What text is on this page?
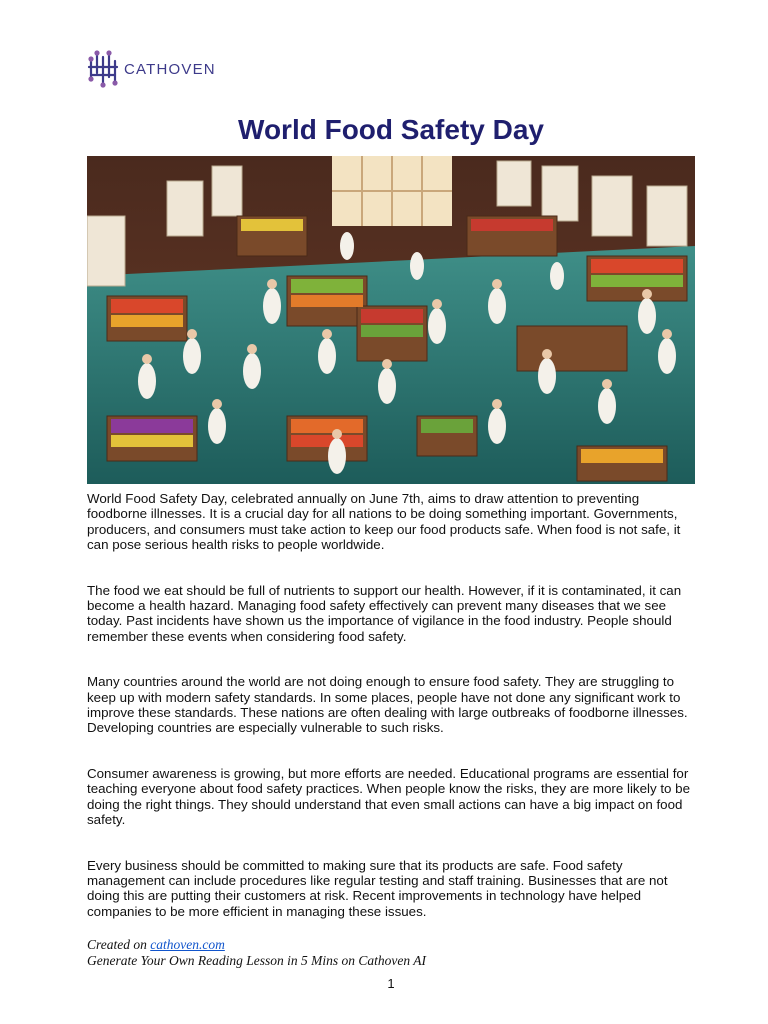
CATHOVEN
World Food Safety Day

World Food Safety Day, celebrated annually on June 7th, aims to draw attention to preventing foodborne illnesses. It is a crucial day for all nations to be doing something important. Governments, producers, and consumers must take action to keep our food products safe. When food is not safe, it can pose serious health risks to people worldwide.

The food we eat should be full of nutrients to support our health. However, if it is contaminated, it can become a health hazard. Managing food safety effectively can prevent many diseases that we see today. Past incidents have shown us the importance of vigilance in the food industry. People should remember these events when considering food safety.

Many countries around the world are not doing enough to ensure food safety. They are struggling to keep up with modern safety standards. In some places, people have not done any significant work to improve these standards. These nations are often dealing with large outbreaks of foodborne illnesses. Developing countries are especially vulnerable to such risks.

Consumer awareness is growing, but more efforts are needed. Educational programs are essential for teaching everyone about food safety practices. When people know the risks, they are more likely to be doing the right things. They should understand that even small actions can have a big impact on food safety.

Every business should be committed to making sure that its products are safe. Food safety management can include procedures like regular testing and staff training. Businesses that are not doing this are putting their customers at risk. Recent improvements in technology have helped companies to be more efficient in managing these issues.

Created on cathoven.com
Generate Your Own Reading Lesson in 5 Mins on Cathoven AI
1
